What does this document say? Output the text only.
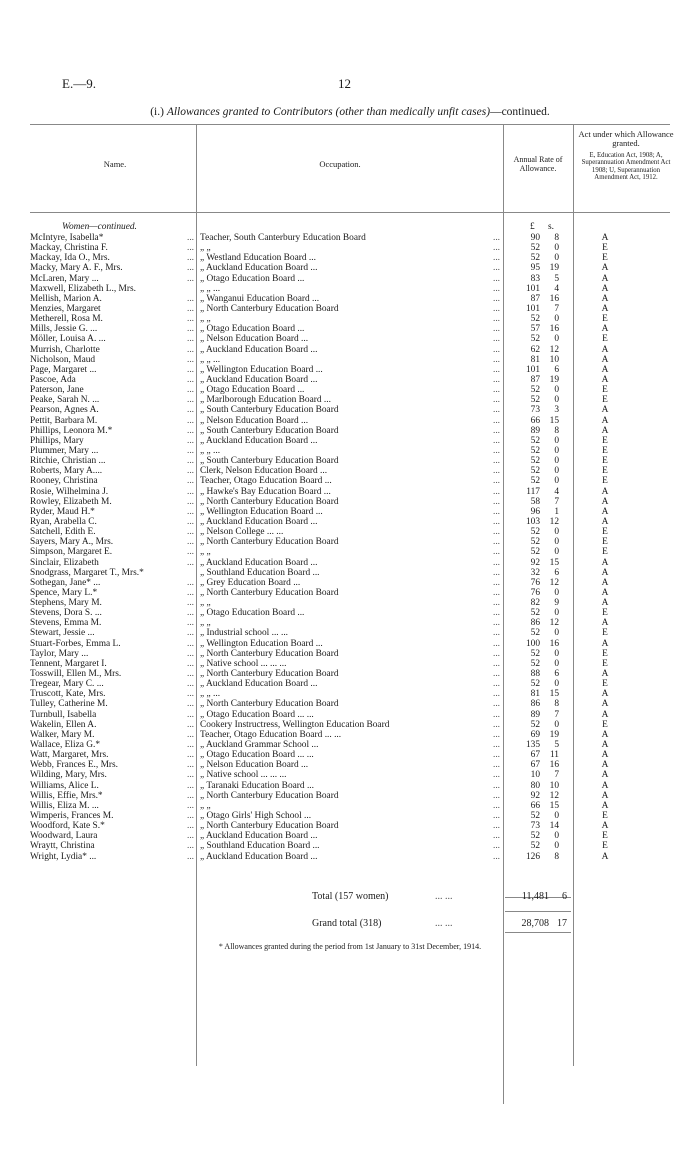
E.—9.	12
(i.) Allowances granted to Contributors (other than medically unfit cases)—continued.
Name.	Occupation.	Annual Rate of Allowance.
Act under which Allowance granted.
E, Education Act, 1908; A, Superannuation Amendment Act 1908; U, Superannuation Amendment Act, 1912.
Women—continued.	£ s.
McIntyre, Isabella*	... Teacher, South Canterbury Education Board	...	90	8	A
Mackay, Christina F.	... „ „	...	52	0	E
Mackay, Ida O., Mrs.	... „ Westland Education Board ...	...	52	0	E
Macky, Mary A. F., Mrs.	... „ Auckland Education Board ...	...	95	19	A
McLaren, Mary ...	... „ Otago Education Board ...	...	83	5	A
Maxwell, Elizabeth L., Mrs.	„ „ ...	...	101	4	A
Mellish, Marion A.	... „ Wanganui Education Board ...	...	87	16	A
Menzies, Margaret	... „ North Canterbury Education Board	...	101	7	A
Metherell, Rosa M.	... „ „	...	52	0	E
Mills, Jessie G. ...	... „ Otago Education Board ...	...	57	16	A
Möller, Louisa A. ...	... „ Nelson Education Board ...	...	52	0	E
Murrish, Charlotte	... „ Auckland Education Board ...	...	62	12	A
Nicholson, Maud	... „ „ ...	...	81	10	A
Page, Margaret ...	... „ Wellington Education Board ...	...	101	6	A
Pascoe, Ada	... „ Auckland Education Board ...	...	87	19	A
Paterson, Jane	... „ Otago Education Board ...	...	52	0	E
Peake, Sarah N. ...	... „ Marlborough Education Board ...	...	52	0	E
Pearson, Agnes A.	... „ South Canterbury Education Board	...	73	3	A
Pettit, Barbara M.	... „ Nelson Education Board ...	...	66	15	A
Phillips, Leonora M.*	... „ South Canterbury Education Board	...	89	8	A
Phillips, Mary	... „ Auckland Education Board ...	...	52	0	E
Plummer, Mary ...	... „ „ ...	...	52	0	E
Ritchie, Christian ...	... „ South Canterbury Education Board	...	52	0	E
Roberts, Mary A....	... Clerk, Nelson Education Board ...	...	52	0	E
Rooney, Christina	... Teacher, Otago Education Board ...	...	52	0	E
Rosie, Wilhelmina J.	... „ Hawke's Bay Education Board ...	...	117	4	A
Rowley, Elizabeth M.	... „ North Canterbury Education Board	...	58	7	A
Ryder, Maud H.*	... „ Wellington Education Board ...	...	96	1	A
Ryan, Arabella C.	... „ Auckland Education Board ...	...	103	12	A
Satchell, Edith E.	... „ Nelson College ... ...	...	52	0	E
Sayers, Mary A., Mrs.	... „ North Canterbury Education Board	...	52	0	E
Simpson, Margaret E.	... „ „	...	52	0	E
Sinclair, Elizabeth	... „ Auckland Education Board ...	...	92	15	A
Snodgrass, Margaret T., Mrs.*	„ Southland Education Board ...	...	32	6	A
Sothegan, Jane* ...	... „ Grey Education Board ...	...	76	12	A
Spence, Mary L.*	... „ North Canterbury Education Board	...	76	0	A
Stephens, Mary M.	... „ „	...	82	9	A
Stevens, Dora S. ...	... „ Otago Education Board ...	...	52	0	E
Stevens, Emma M.	... „ „	...	86	12	A
Stewart, Jessie ...	... „ Industrial school ... ...	...	52	0	E
Stuart-Forbes, Emma L.	... „ Wellington Education Board ...	...	100	16	A
Taylor, Mary ...	... „ North Canterbury Education Board	...	52	0	E
Tennent, Margaret I.	... „ Native school ... ... ...	...	52	0	E
Tosswill, Ellen M., Mrs.	... „ North Canterbury Education Board	...	88	6	A
Tregear, Mary C. ...	... „ Auckland Education Board ...	...	52	0	E
Truscott, Kate, Mrs.	... „ „ ...	...	81	15	A
Tulley, Catherine M.	... „ North Canterbury Education Board	...	86	8	A
Turnbull, Isabella	... „ Otago Education Board ... ...	...	89	7	A
Wakelin, Ellen A.	... Cookery Instructress, Wellington Education Board	...	52	0	E
Walker, Mary M.	... Teacher, Otago Education Board ... ...	...	69	19	A
Wallace, Eliza G.*	... „ Auckland Grammar School ...	...	135	5	A
Watt, Margaret, Mrs.	... „ Otago Education Board ... ...	...	67	11	A
Webb, Frances E., Mrs.	... „ Nelson Education Board ...	...	67	16	A
Wilding, Mary, Mrs.	... „ Native school ... ... ...	...	10	7	A
Williams, Alice L.	... „ Taranaki Education Board ...	...	80	10	A
Willis, Effie, Mrs.*	... „ North Canterbury Education Board	...	92	12	A
Willis, Eliza M. ...	... „ „	...	66	15	A
Wimperis, Frances M.	... „ Otago Girls' High School ...	...	52	0	E
Woodford, Kate S.*	... „ North Canterbury Education Board	...	73	14	A
Woodward, Laura	... „ Auckland Education Board ...	...	52	0	E
Wraytt, Christina	... „ Southland Education Board ...	...	52	0	E
Wright, Lydia* ...	... „ Auckland Education Board ...	...	126	8	A
Total (157 women)	... ...	11,481	6
Grand total (318)	... ...	28,708 17
* Allowances granted during the period from 1st January to 31st December, 1914.
